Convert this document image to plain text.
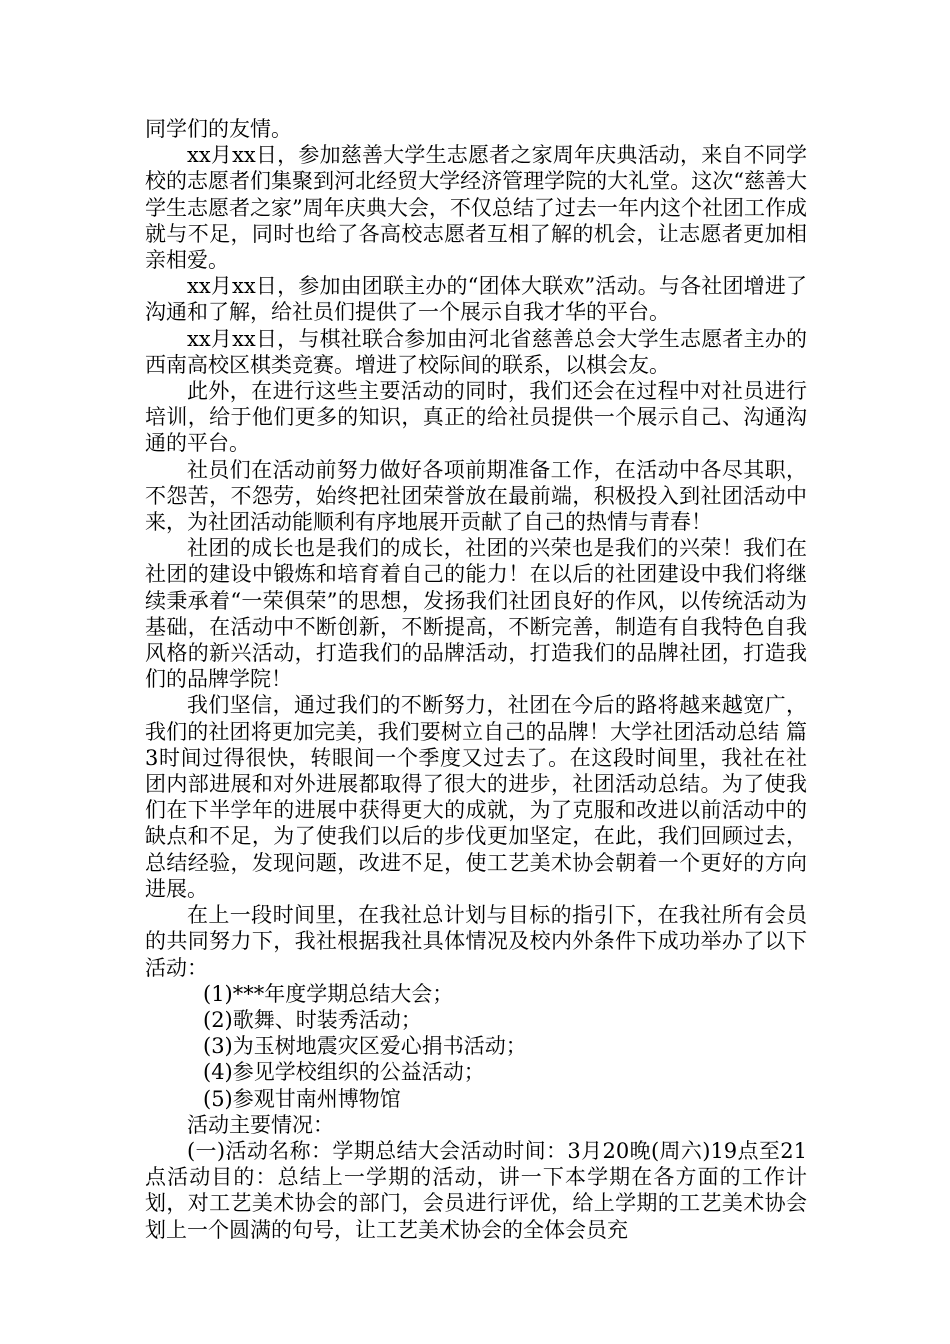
同学们的友情。

xx月xx日，参加慈善大学生志愿者之家周年庆典活动，来自不同学校的志愿者们集聚到河北经贸大学经济管理学院的大礼堂。这次“慈善大学生志愿者之家”周年庆典大会，不仅总结了过去一年内这个社团工作成就与不足，同时也给了各高校志愿者互相了解的机会，让志愿者更加相亲相爱。

xx月xx日，参加由团联主办的“团体大联欢”活动。与各社团增进了沟通和了解，给社员们提供了一个展示自我才华的平台。

xx月xx日，与棋社联合参加由河北省慈善总会大学生志愿者主办的西南高校区棋类竞赛。增进了校际间的联系，以棋会友。

此外，在进行这些主要活动的同时，我们还会在过程中对社员进行培训，给于他们更多的知识，真正的给社员提供一个展示自己、沟通沟通的平台。

社员们在活动前努力做好各项前期准备工作，在活动中各尽其职，不怨苦，不怨劳，始终把社团荣誉放在最前端，积极投入到社团活动中来，为社团活动能顺利有序地展开贡献了自己的热情与青春！

社团的成长也是我们的成长，社团的兴荣也是我们的兴荣！我们在社团的建设中锻炼和培育着自己的能力！在以后的社团建设中我们将继续秉承着“一荣俱荣”的思想，发扬我们社团良好的作风，以传统活动为基础，在活动中不断创新，不断提高，不断完善，制造有自我特色自我风格的新兴活动，打造我们的品牌活动，打造我们的品牌社团，打造我们的品牌学院！

我们坚信，通过我们的不断努力，社团在今后的路将越来越宽广，我们的社团将更加完美，我们要树立自己的品牌！大学社团活动总结 篇3时间过得很快，转眼间一个季度又过去了。在这段时间里，我社在社团内部进展和对外进展都取得了很大的进步，社团活动总结。为了使我们在下半学年的进展中获得更大的成就，为了克服和改进以前活动中的缺点和不足，为了使我们以后的步伐更加坚定，在此，我们回顾过去，总结经验，发现问题，改进不足，使工艺美术协会朝着一个更好的方向进展。

在上一段时间里，在我社总计划与目标的指引下，在我社所有会员的共同努力下，我社根据我社具体情况及校内外条件下成功举办了以下活动：

(1)***年度学期总结大会；

(2)歌舞、时装秀活动；

(3)为玉树地震灾区爱心捐书活动；

(4)参见学校组织的公益活动；

(5)参观甘南州博物馆

活动主要情况：

(一)活动名称：学期总结大会活动时间：3月20晚(周六)19点至21点活动目的：总结上一学期的活动，讲一下本学期在各方面的工作计划，对工艺美术协会的部门，会员进行评优，给上学期的工艺美术协会划上一个圆满的句号，让工艺美术协会的全体会员充
